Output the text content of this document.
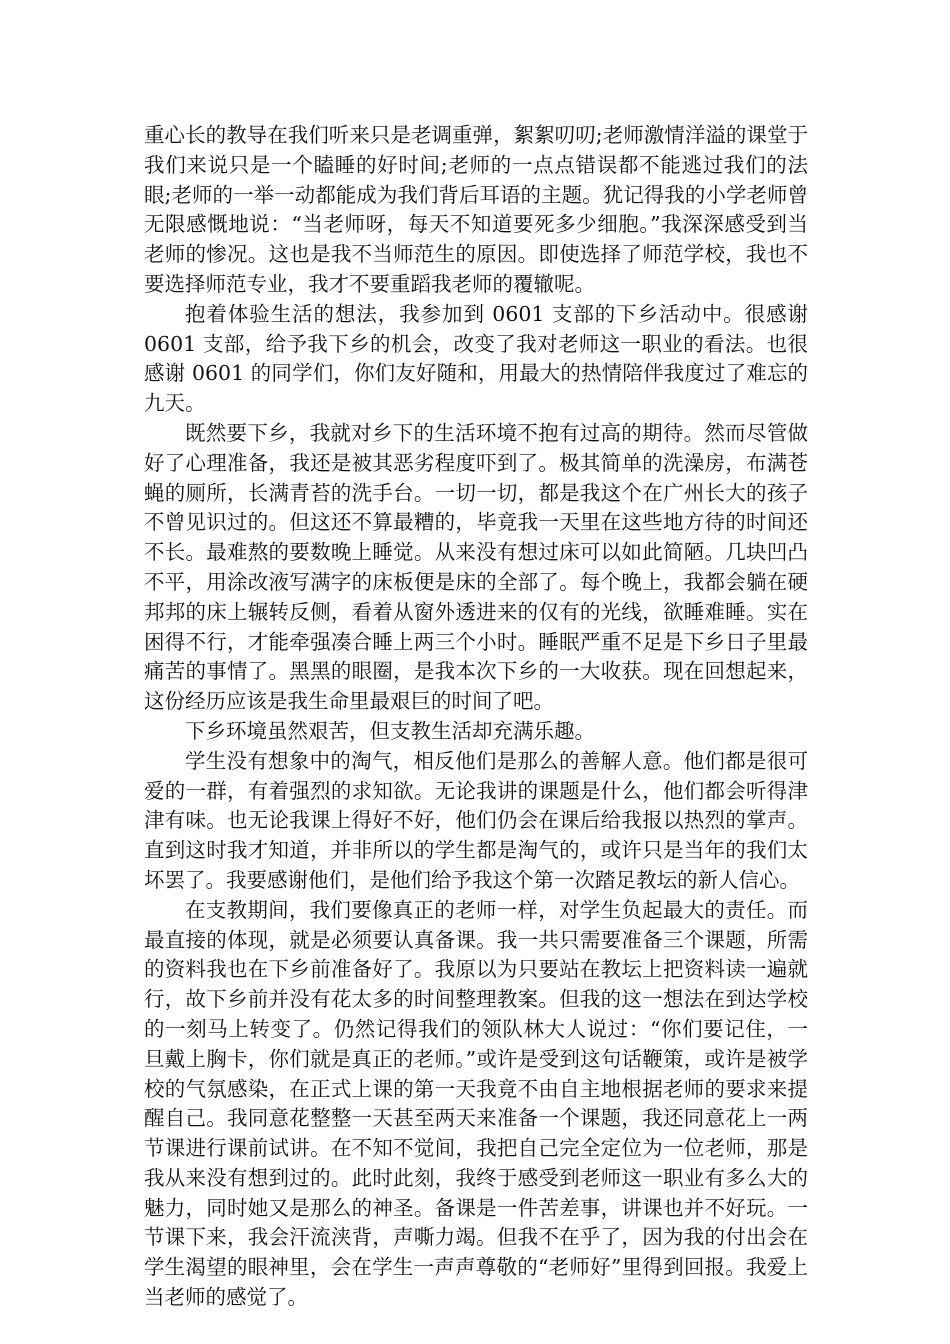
重心长的教导在我们听来只是老调重弹，絮絮叨叨;老师激情洋溢的课堂于我们来说只是一个瞌睡的好时间;老师的一点点错误都不能逃过我们的法眼;老师的一举一动都能成为我们背后耳语的主题。犹记得我的小学老师曾无限感慨地说：“当老师呀，每天不知道要死多少细胞。”我深深感受到当老师的惨况。这也是我不当师范生的原因。即使选择了师范学校，我也不要选择师范专业，我才不要重蹈我老师的覆辙呢。

抱着体验生活的想法，我参加到 0601 支部的下乡活动中。很感谢 0601 支部，给予我下乡的机会，改变了我对老师这一职业的看法。也很感谢 0601 的同学们，你们友好随和，用最大的热情陪伴我度过了难忘的九天。

既然要下乡，我就对乡下的生活环境不抱有过高的期待。然而尽管做好了心理准备，我还是被其恶劣程度吓到了。极其简单的洗澡房，布满苍蝇的厕所，长满青苔的洗手台。一切一切，都是我这个在广州长大的孩子不曾见识过的。但这还不算最糟的，毕竟我一天里在这些地方待的时间还不长。最难熬的要数晚上睡觉。从来没有想过床可以如此简陋。几块凹凸不平，用涂改液写满字的床板便是床的全部了。每个晚上，我都会躺在硬邦邦的床上辗转反侧，看着从窗外透进来的仅有的光线，欲睡难睡。实在困得不行，才能牵强凑合睡上两三个小时。睡眠严重不足是下乡日子里最痛苦的事情了。黑黑的眼圈，是我本次下乡的一大收获。现在回想起来，这份经历应该是我生命里最艰巨的时间了吧。

下乡环境虽然艰苦，但支教生活却充满乐趣。

学生没有想象中的淘气，相反他们是那么的善解人意。他们都是很可爱的一群，有着强烈的求知欲。无论我讲的课题是什么，他们都会听得津津有味。也无论我课上得好不好，他们仍会在课后给我报以热烈的掌声。直到这时我才知道，并非所以的学生都是淘气的，或许只是当年的我们太坏罢了。我要感谢他们，是他们给予我这个第一次踏足教坛的新人信心。

在支教期间，我们要像真正的老师一样，对学生负起最大的责任。而最直接的体现，就是必须要认真备课。我一共只需要准备三个课题，所需的资料我也在下乡前准备好了。我原以为只要站在教坛上把资料读一遍就行，故下乡前并没有花太多的时间整理教案。但我的这一想法在到达学校的一刻马上转变了。仍然记得我们的领队林大人说过：“你们要记住，一旦戴上胸卡，你们就是真正的老师。”或许是受到这句话鞭策，或许是被学校的气氛感染，在正式上课的第一天我竟不由自主地根据老师的要求来提醒自己。我同意花整整一天甚至两天来准备一个课题，我还同意花上一两节课进行课前试讲。在不知不觉间，我把自己完全定位为一位老师，那是我从来没有想到过的。此时此刻，我终于感受到老师这一职业有多么大的魅力，同时她又是那么的神圣。备课是一件苦差事，讲课也并不好玩。一节课下来，我会汗流浃背，声嘶力竭。但我不在乎了，因为我的付出会在学生渴望的眼神里，会在学生一声声尊敬的“老师好”里得到回报。我爱上当老师的感觉了。
